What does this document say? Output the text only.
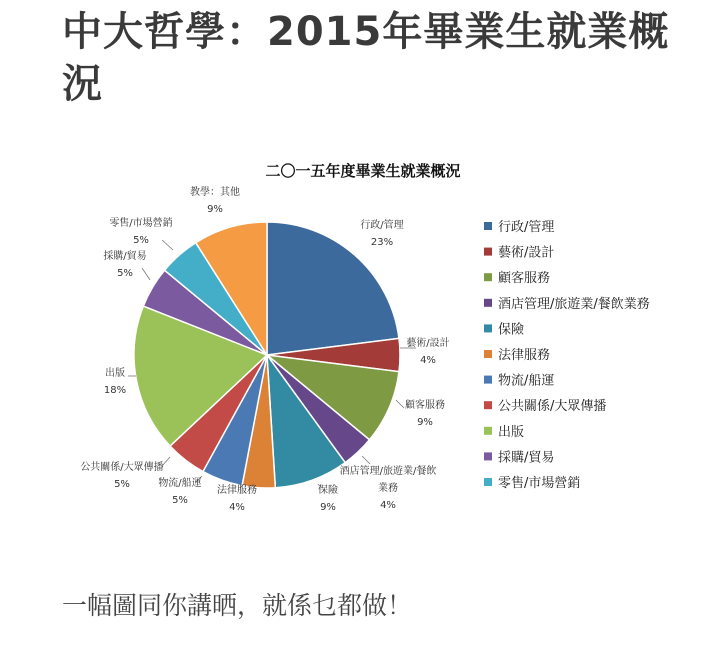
中大哲學：2015年畢業生就業概況
二〇一五年度畢業生就業概況
行政/管理 23%
藝術/設計 4%
顧客服務 9%
酒店管理/旅遊業/餐飲業務 4%
保險 9%
法律服務 4%
物流/船運 5%
公共關係/大眾傳播 5%
出版 18%
採購/貿易 5%
零售/市場營銷 5%
教學：其他 9%
行政/管理
藝術/設計
顧客服務
酒店管理/旅遊業/餐飲業務
保險
法律服務
物流/船運
公共關係/大眾傳播
出版
採購/貿易
零售/市場營銷

一幅圖同你講晒，就係乜都做！
